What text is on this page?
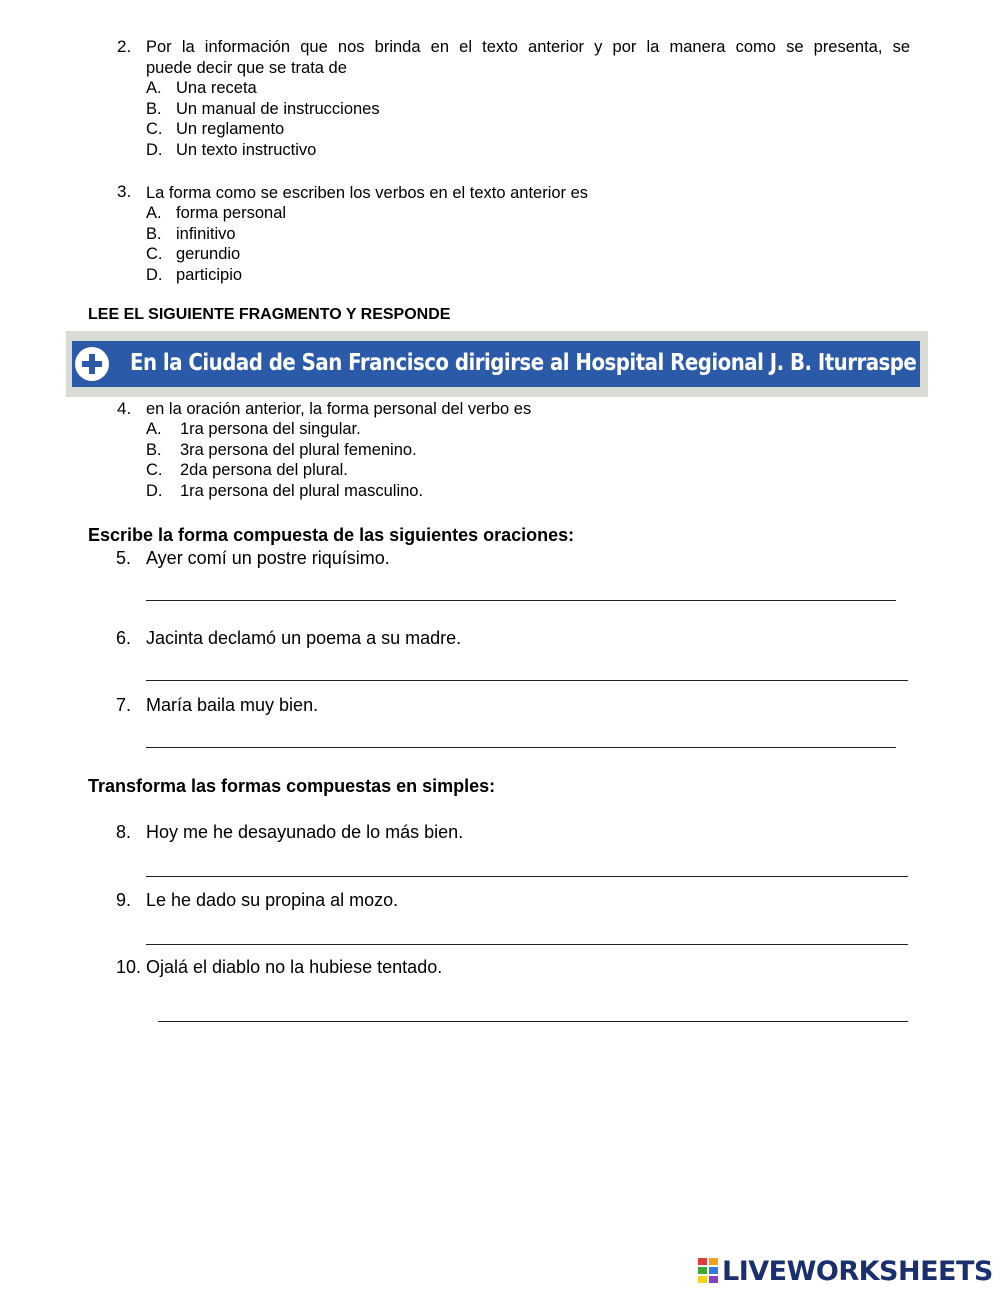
2. Por la información que nos brinda en el texto anterior y por la manera como se presenta, se
puede decir que se trata de
A. Una receta
B. Un manual de instrucciones
C. Un reglamento
D. Un texto instructivo
3. La forma como se escriben los verbos en el texto anterior es
A. forma personal
B. infinitivo
C. gerundio
D. participio
LEE EL SIGUIENTE FRAGMENTO Y RESPONDE
En la Ciudad de San Francisco dirigirse al Hospital Regional J. B. Iturraspe
4. en la oración anterior, la forma personal del verbo es
A. 1ra persona del singular.
B. 3ra persona del plural femenino.
C. 2da persona del plural.
D. 1ra persona del plural masculino.
Escribe la forma compuesta de las siguientes oraciones:
5. Ayer comí un postre riquísimo.
6. Jacinta declamó un poema a su madre.
7. María baila muy bien.
Transforma las formas compuestas en simples:
8. Hoy me he desayunado de lo más bien.
9. Le he dado su propina al mozo.
10. Ojalá el diablo no la hubiese tentado.
LIVEWORKSHEETS
